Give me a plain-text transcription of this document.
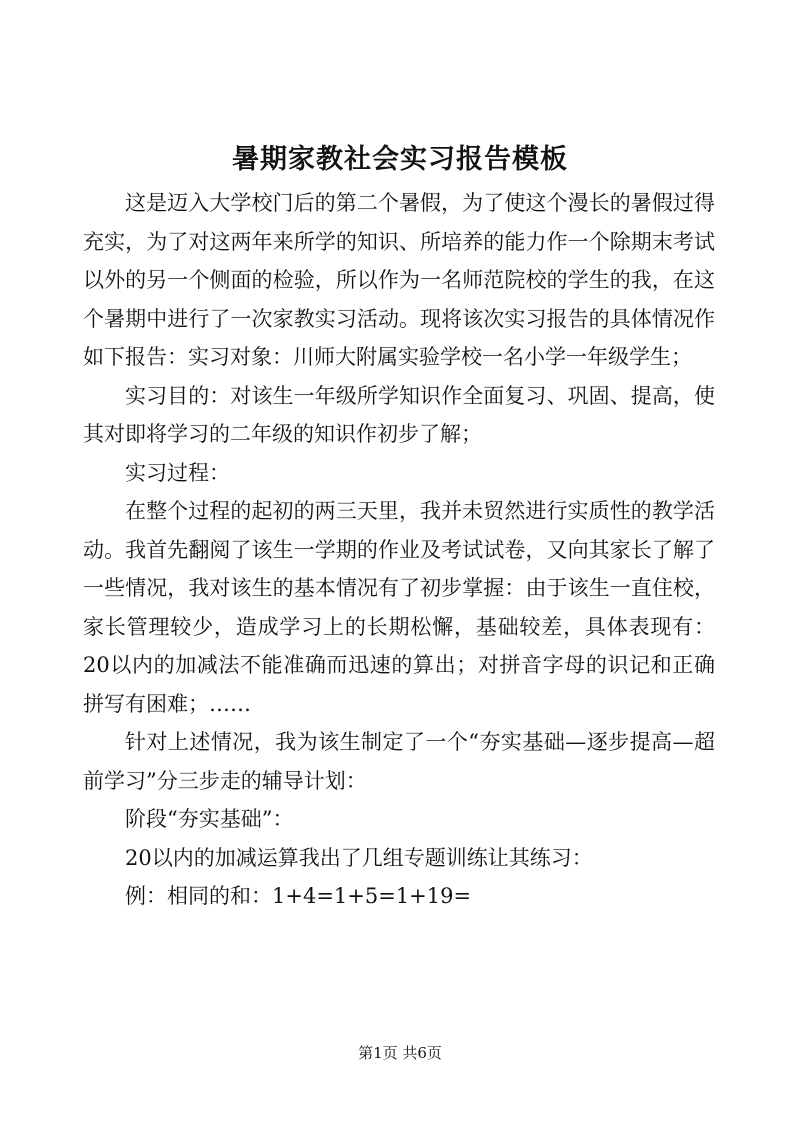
暑期家教社会实习报告模板

这是迈入大学校门后的第二个暑假，为了使这个漫长的暑假过得充实，为了对这两年来所学的知识、所培养的能力作一个除期末考试以外的另一个侧面的检验，所以作为一名师范院校的学生的我，在这个暑期中进行了一次家教实习活动。现将该次实习报告的具体情况作如下报告：实习对象：川师大附属实验学校一名小学一年级学生；

实习目的：对该生一年级所学知识作全面复习、巩固、提高，使其对即将学习的二年级的知识作初步了解；

实习过程：

在整个过程的起初的两三天里，我并未贸然进行实质性的教学活动。我首先翻阅了该生一学期的作业及考试试卷，又向其家长了解了一些情况，我对该生的基本情况有了初步掌握：由于该生一直住校，家长管理较少，造成学习上的长期松懈，基础较差，具体表现有：20以内的加减法不能准确而迅速的算出；对拼音字母的识记和正确拼写有困难；……

针对上述情况，我为该生制定了一个“夯实基础—逐步提高—超前学习”分三步走的辅导计划：

阶段“夯实基础”：

20以内的加减运算我出了几组专题训练让其练习：

例：相同的和：1+4=1+5=1+19=

第1页 共6页
